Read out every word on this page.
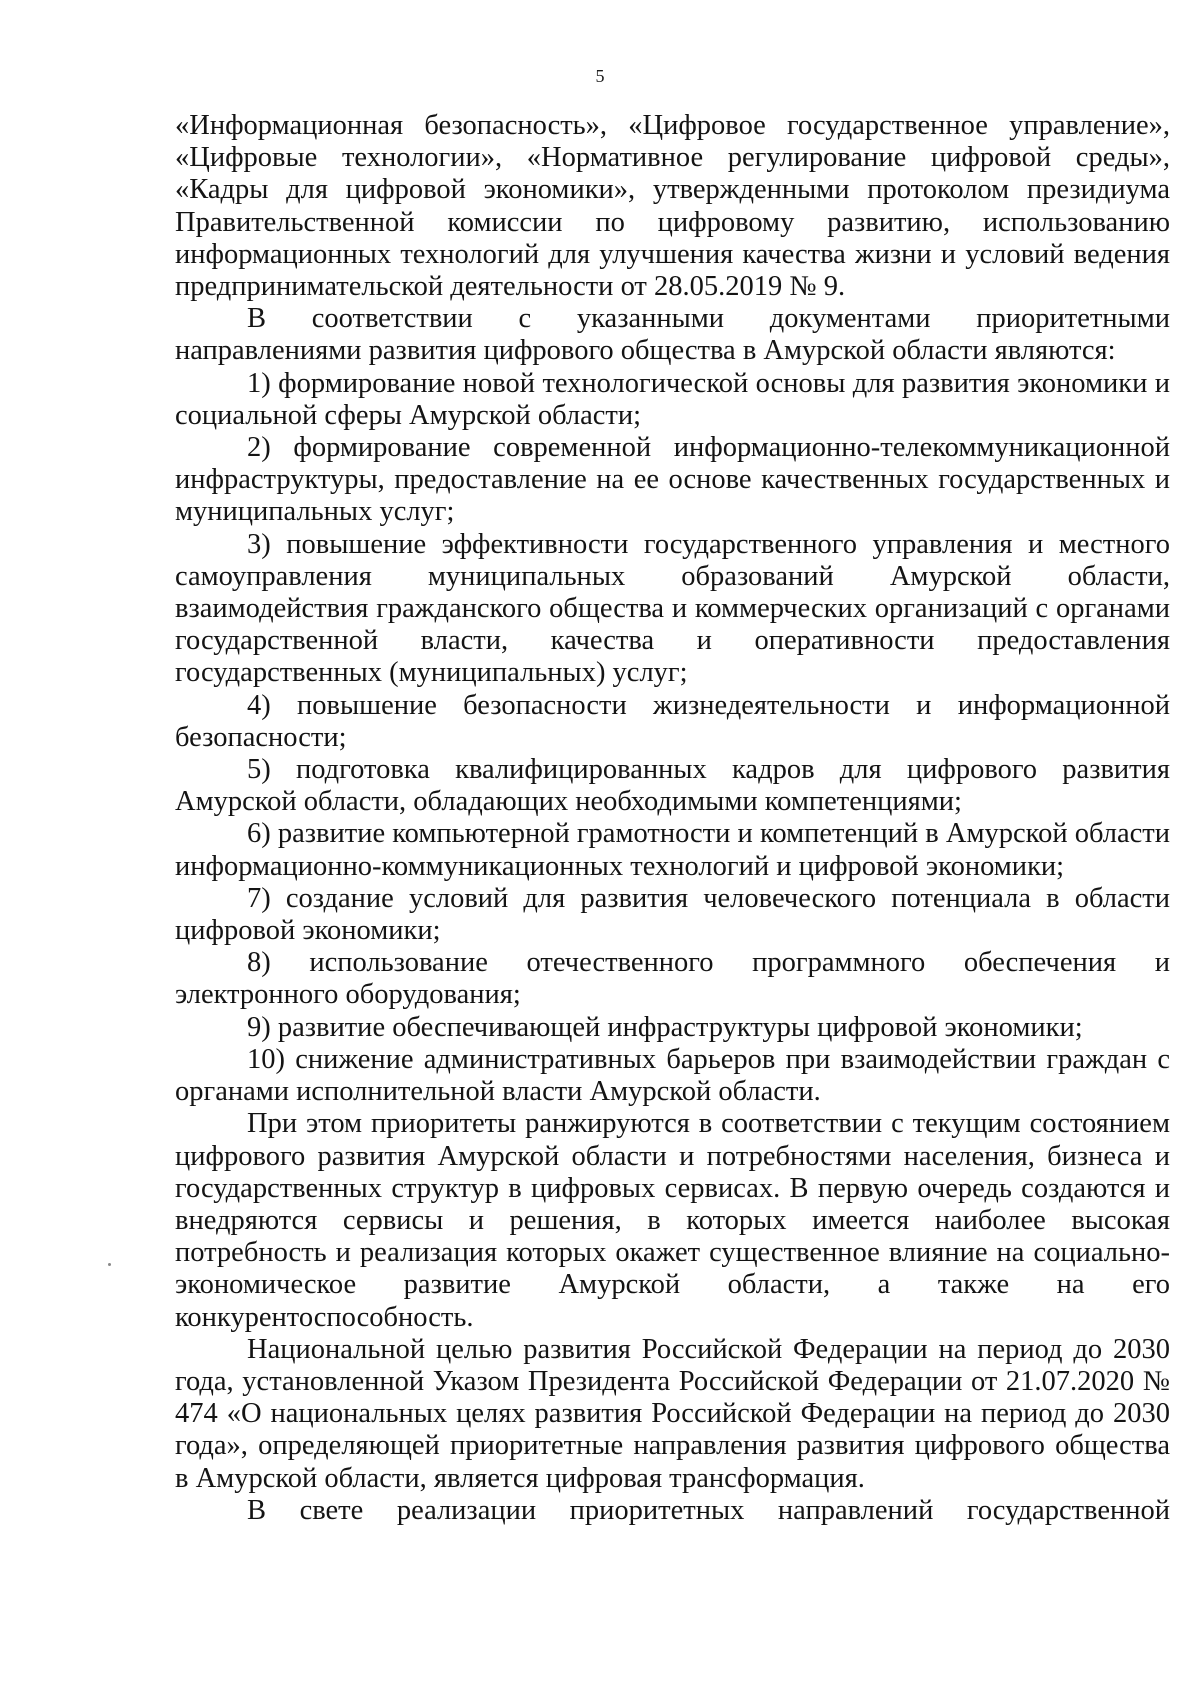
5

«Информационная безопасность», «Цифровое государственное управление», «Цифровые технологии», «Нормативное регулирование цифровой среды», «Кадры для цифровой экономики», утвержденными протоколом президиума Правительственной комиссии по цифровому развитию, использованию информационных технологий для улучшения качества жизни и условий ведения предпринимательской деятельности от 28.05.2019 № 9.

В соответствии с указанными документами приоритетными направлениями развития цифрового общества в Амурской области являются:

1) формирование новой технологической основы для развития экономики и социальной сферы Амурской области;

2) формирование современной информационно-телекоммуникационной инфраструктуры, предоставление на ее основе качественных государственных и муниципальных услуг;

3) повышение эффективности государственного управления и местного самоуправления муниципальных образований Амурской области, взаимодействия гражданского общества и коммерческих организаций с органами государственной власти, качества и оперативности предоставления государственных (муниципальных) услуг;

4) повышение безопасности жизнедеятельности и информационной безопасности;

5) подготовка квалифицированных кадров для цифрового развития Амурской области, обладающих необходимыми компетенциями;

6) развитие компьютерной грамотности и компетенций в Амурской области информационно-коммуникационных технологий и цифровой экономики;

7) создание условий для развития человеческого потенциала в области цифровой экономики;

8) использование отечественного программного обеспечения и электронного оборудования;

9) развитие обеспечивающей инфраструктуры цифровой экономики;

10) снижение административных барьеров при взаимодействии граждан с органами исполнительной власти Амурской области.

При этом приоритеты ранжируются в соответствии с текущим состоянием цифрового развития Амурской области и потребностями населения, бизнеса и государственных структур в цифровых сервисах. В первую очередь создаются и внедряются сервисы и решения, в которых имеется наиболее высокая потребность и реализация которых окажет существенное влияние на социально-экономическое развитие Амурской области, а также на его конкурентоспособность.

Национальной целью развития Российской Федерации на период до 2030 года, установленной Указом Президента Российской Федерации от 21.07.2020 № 474 «О национальных целях развития Российской Федерации на период до 2030 года», определяющей приоритетные направления развития цифрового общества в Амурской области, является цифровая трансформация.

В свете реализации приоритетных направлений государственной
